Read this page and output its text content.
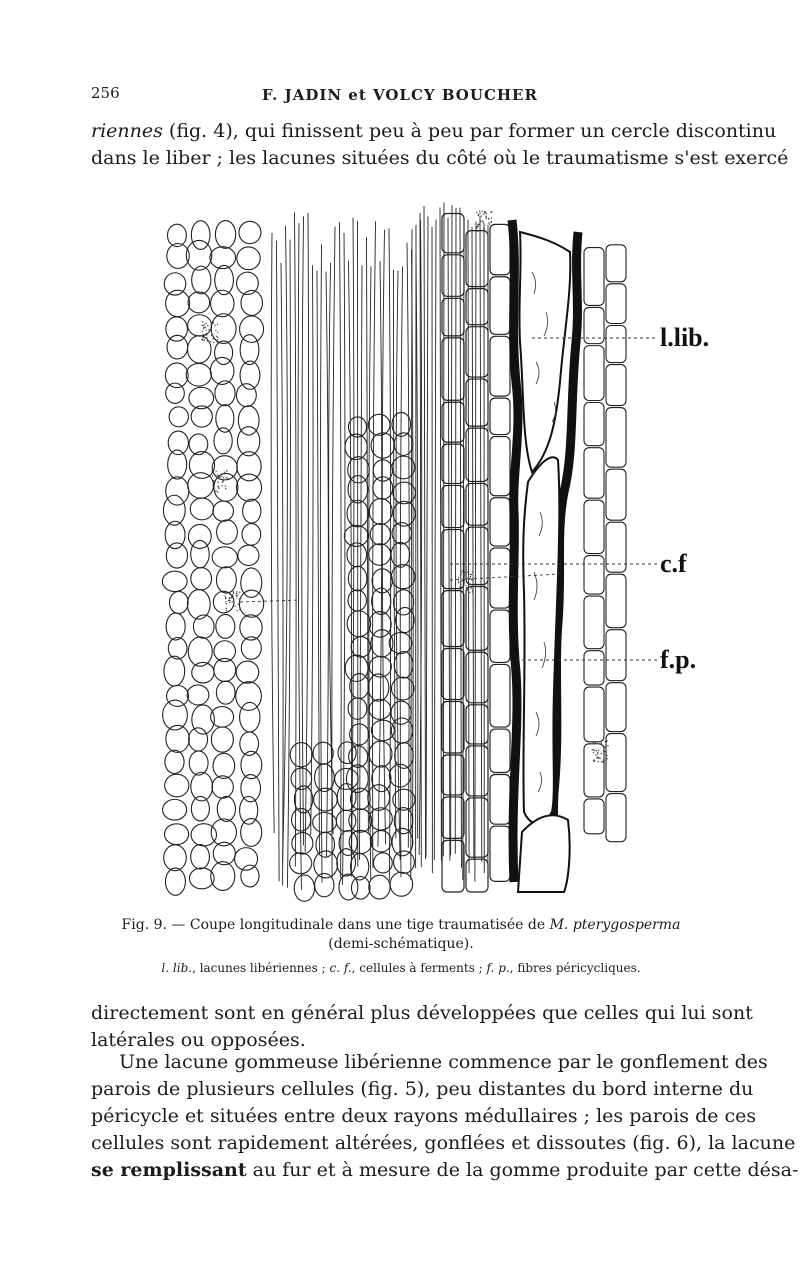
256	F. JADIN et VOLCY BOUCHER

riennes (fig. 4), qui finissent peu à peu par former un cercle discontinu
dans le liber ; les lacunes situées du côté où le traumatisme s'est exercé

l.lib.
c.f
f.p.
Fig. 9. — Coupe longitudinale dans une tige traumatisée de M. pterygosperma
(demi-schématique).
l. lib., lacunes libériennes ; c. f., cellules à ferments ; f. p., fibres péricycliques.

directement sont en général plus développées que celles qui lui sont
latérales ou opposées.

Une lacune gommeuse libérienne commence par le gonflement des
parois de plusieurs cellules (fig. 5), peu distantes du bord interne du
péricycle et situées entre deux rayons médullaires ; les parois de ces
cellules sont rapidement altérées, gonflées et dissoutes (fig. 6), la lacune
se remplissant au fur et à mesure de la gomme produite par cette désa-
